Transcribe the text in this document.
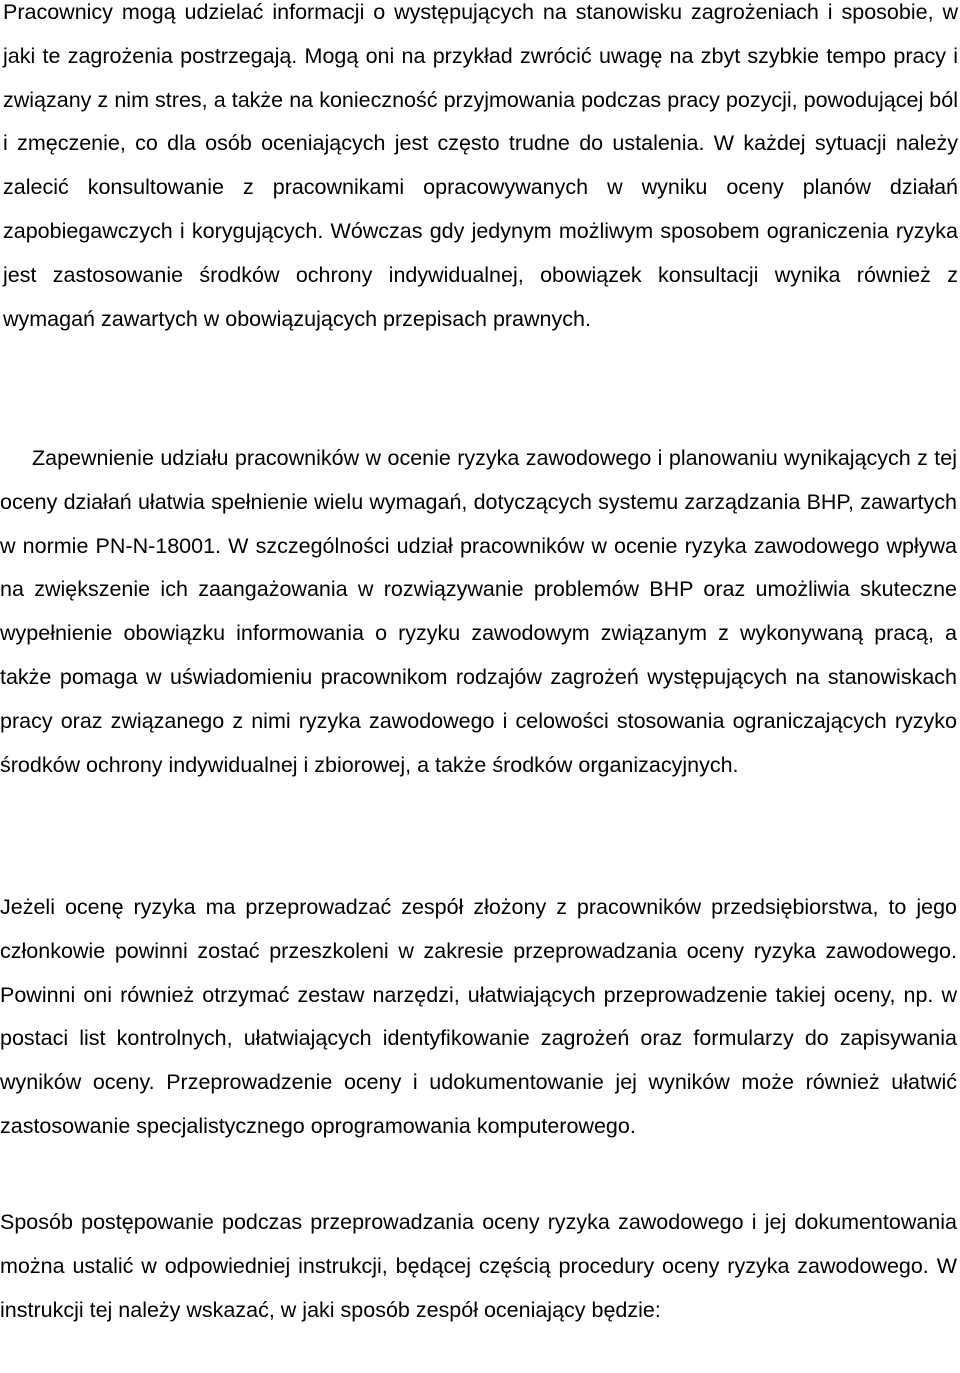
Pracownicy mogą udzielać informacji o występujących na stanowisku zagrożeniach i sposobie, w jaki te zagrożenia postrzegają. Mogą oni na przykład zwrócić uwagę na zbyt szybkie tempo pracy i związany z nim stres, a także na konieczność przyjmowania podczas pracy pozycji, powodującej ból i zmęczenie, co dla osób oceniających jest często trudne do ustalenia. W każdej sytuacji należy zalecić konsultowanie z pracownikami opracowywanych w wyniku oceny planów działań zapobiegawczych i korygujących. Wówczas gdy jedynym możliwym sposobem ograniczenia ryzyka jest zastosowanie środków ochrony indywidualnej, obowiązek konsultacji wynika również z wymagań zawartych w obowiązujących przepisach prawnych.

Zapewnienie udziału pracowników w ocenie ryzyka zawodowego i planowaniu wynikających z tej oceny działań ułatwia spełnienie wielu wymagań, dotyczących systemu zarządzania BHP, zawartych w normie PN-N-18001. W szczególności udział pracowników w ocenie ryzyka zawodowego wpływa na zwiększenie ich zaangażowania w rozwiązywanie problemów BHP oraz umożliwia skuteczne wypełnienie obowiązku informowania o ryzyku zawodowym związanym z wykonywaną pracą, a także pomaga w uświadomieniu pracownikom rodzajów zagrożeń występujących na stanowiskach pracy oraz związanego z nimi ryzyka zawodowego i celowości stosowania ograniczających ryzyko środków ochrony indywidualnej i zbiorowej, a także środków organizacyjnych.

Jeżeli ocenę ryzyka ma przeprowadzać zespół złożony z pracowników przedsiębiorstwa, to jego członkowie powinni zostać przeszkoleni w zakresie przeprowadzania oceny ryzyka zawodowego. Powinni oni również otrzymać zestaw narzędzi, ułatwiających przeprowadzenie takiej oceny, np. w postaci list kontrolnych, ułatwiających identyfikowanie zagrożeń oraz formularzy do zapisywania wyników oceny. Przeprowadzenie oceny i udokumentowanie jej wyników może również ułatwić zastosowanie specjalistycznego oprogramowania komputerowego.

Sposób postępowanie podczas przeprowadzania oceny ryzyka zawodowego i jej dokumentowania można ustalić w odpowiedniej instrukcji, będącej częścią procedury oceny ryzyka zawodowego. W instrukcji tej należy wskazać, w jaki sposób zespół oceniający będzie:
